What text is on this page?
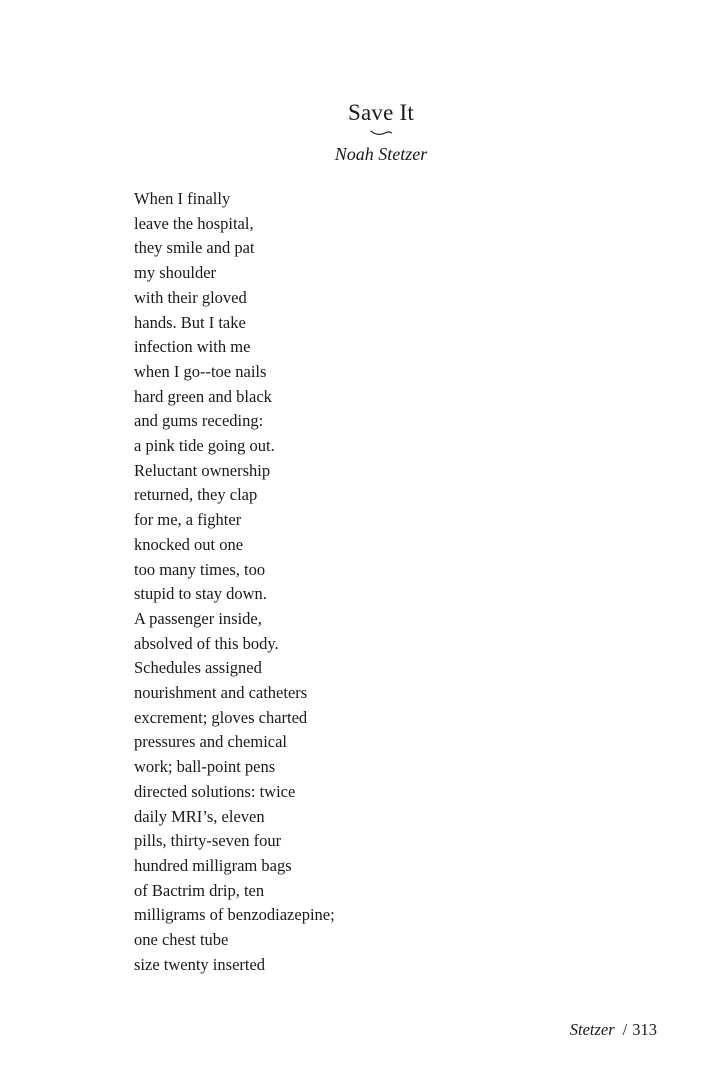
Save It
Noah Stetzer
When I finally
leave the hospital,
they smile and pat
my shoulder
with their gloved
hands. But I take
infection with me
when I go--toe nails
hard green and black
and gums receding:
a pink tide going out.
Reluctant ownership
returned, they clap
for me, a fighter
knocked out one
too many times, too
stupid to stay down.
A passenger inside,
absolved of this body.
Schedules assigned
nourishment and catheters
excrement; gloves charted
pressures and chemical
work; ball-point pens
directed solutions: twice
daily MRI’s, eleven
pills, thirty-seven four
hundred milligram bags
of Bactrim drip, ten
milligrams of benzodiazepine;
one chest tube
size twenty inserted
Stetzer / 313
